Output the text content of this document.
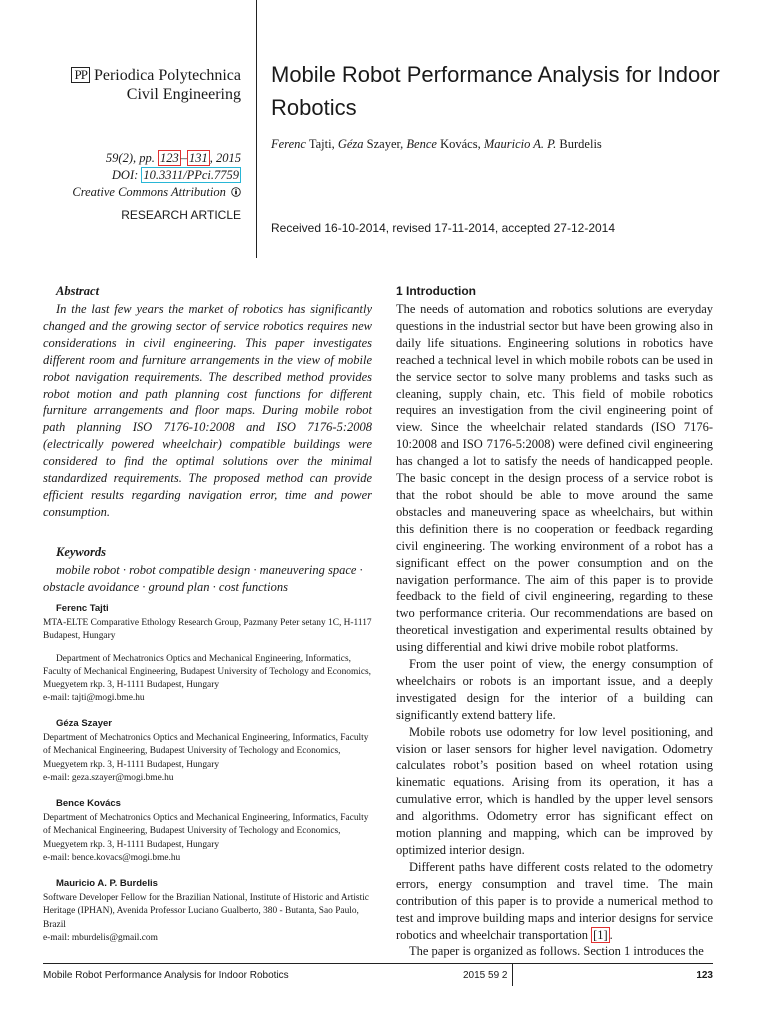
PP Periodica Polytechnica
Civil Engineering
59(2), pp. 123 – 131 , 2015
DOI: 10.3311/PPci.7759
Creative Commons Attribution
RESEARCH ARTICLE
Mobile Robot Performance Analysis for Indoor Robotics
Ferenc Tajti, Géza Szayer, Bence Kovács, Mauricio A. P. Burdelis
Received 16-10-2014, revised 17-11-2014, accepted 27-12-2014
Abstract

In the last few years the market of robotics has significantly changed and the growing sector of service robotics requires new considerations in civil engineering. This paper investigates different room and furniture arrangements in the view of mobile robot navigation requirements. The described method provides robot motion and path planning cost functions for different furniture arrangements and floor maps. During mobile robot path planning ISO 7176-10:2008 and ISO 7176-5:2008 (electrically powered wheelchair) compatible buildings were considered to find the optimal solutions over the minimal standardized requirements. The proposed method can provide efficient results regarding navigation error, time and power consumption.

Keywords

mobile robot · robot compatible design · maneuvering space · obstacle avoidance · ground plan · cost functions

Ferenc Tajti

MTA-ELTE Comparative Ethology Research Group, Pazmany Peter setany 1C, H-1117 Budapest, Hungary

Department of Mechatronics Optics and Mechanical Engineering, Informatics, Faculty of Mechanical Engineering, Budapest University of Techology and Economics, Muegyetem rkp. 3, H-1111 Budapest, Hungary

e-mail: tajti@mogi.bme.hu

Géza Szayer

Department of Mechatronics Optics and Mechanical Engineering, Informatics, Faculty of Mechanical Engineering, Budapest University of Techology and Economics, Muegyetem rkp. 3, H-1111 Budapest, Hungary

e-mail: geza.szayer@mogi.bme.hu

Bence Kovács

Department of Mechatronics Optics and Mechanical Engineering, Informatics, Faculty of Mechanical Engineering, Budapest University of Techology and Economics, Muegyetem rkp. 3, H-1111 Budapest, Hungary

e-mail: bence.kovacs@mogi.bme.hu

Mauricio A. P. Burdelis

Software Developer Fellow for the Brazilian National, Institute of Historic and Artistic Heritage (IPHAN), Avenida Professor Luciano Gualberto, 380 - Butanta, Sao Paulo, Brazil

e-mail: mburdelis@gmail.com

1 Introduction

The needs of automation and robotics solutions are everyday questions in the industrial sector but have been growing also in daily life situations. Engineering solutions in robotics have reached a technical level in which mobile robots can be used in the service sector to solve many problems and tasks such as cleaning, supply chain, etc. This field of mobile robotics requires an investigation from the civil engineering point of view. Since the wheelchair related standards (ISO 7176-10:2008 and ISO 7176-5:2008) were defined civil engineering has changed a lot to satisfy the needs of handicapped people. The basic concept in the design process of a service robot is that the robot should be able to move around the same obstacles and maneuvering space as wheelchairs, but within this definition there is no cooperation or feedback regarding civil engineering. The working environment of a robot has a significant effect on the power consumption and on the navigation performance. The aim of this paper is to provide feedback to the field of civil engineering, regarding to these two performance criteria. Our recommendations are based on theoretical investigation and experimental results obtained by using differential and kiwi drive mobile robot platforms.

From the user point of view, the energy consumption of wheelchairs or robots is an important issue, and a deeply investigated design for the interior of a building can significantly extend battery life.

Mobile robots use odometry for low level positioning, and vision or laser sensors for higher level navigation. Odometry calculates robot’s position based on wheel rotation using kinematic equations. Arising from its operation, it has a cumulative error, which is handled by the upper level sensors and algorithms. Odometry error has significant effect on motion planning and mapping, which can be improved by optimized interior design.

Different paths have different costs related to the odometry errors, energy consumption and travel time. The main contribution of this paper is to provide a numerical method to test and improve building maps and interior designs for service robotics and wheelchair transportation [1] .

The paper is organized as follows. Section 1 introduces the

Mobile Robot Performance Analysis for Indoor Robotics	2015 59 2	123
